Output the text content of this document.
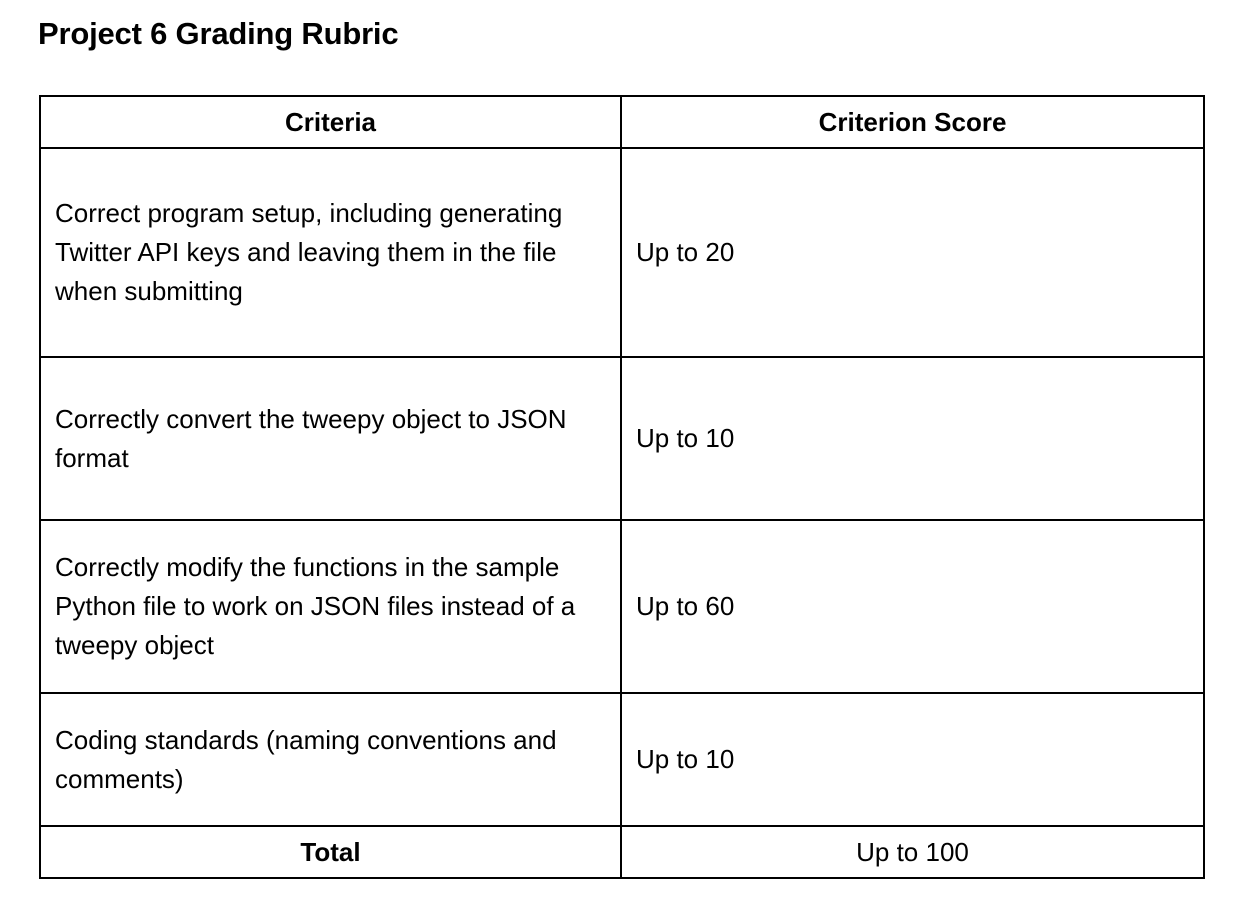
Project 6 Grading Rubric
Criteria	Criterion Score
Correct program setup, including generating Twitter API keys and leaving them in the file when submitting	Up to 20
Correctly convert the tweepy object to JSON format	Up to 10
Correctly modify the functions in the sample Python file to work on JSON files instead of a tweepy object	Up to 60
Coding standards (naming conventions and comments)	Up to 10
Total	Up to 100
